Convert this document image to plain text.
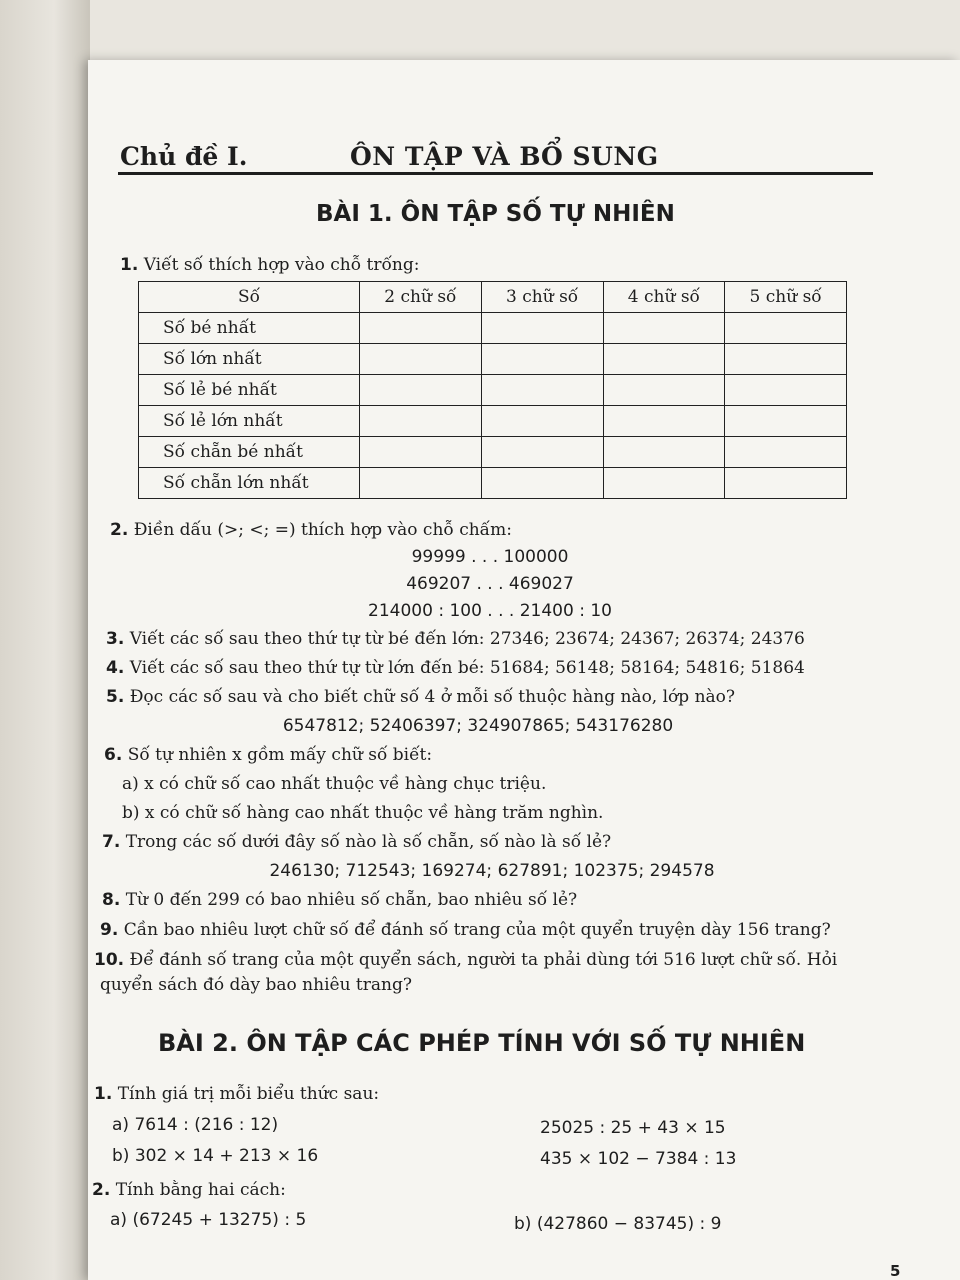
Chủ đề I.	ÔN TẬP VÀ BỔ SUNG
BÀI 1. ÔN TẬP SỐ TỰ NHIÊN
1. Viết số thích hợp vào chỗ trống:
Số	2 chữ số	3 chữ số	4 chữ số	5 chữ số
Số bé nhất				
Số lớn nhất				
Số lẻ bé nhất				
Số lẻ lớn nhất				
Số chẵn bé nhất				
Số chẵn lớn nhất				
2. Điền dấu (>; <; =) thích hợp vào chỗ chấm:
99999 . . . 100000
469207 . . . 469027
214000 : 100 . . . 21400 : 10
3. Viết các số sau theo thứ tự từ bé đến lớn: 27346; 23674; 24367; 26374; 24376
4. Viết các số sau theo thứ tự từ lớn đến bé: 51684; 56148; 58164; 54816; 51864
5. Đọc các số sau và cho biết chữ số 4 ở mỗi số thuộc hàng nào, lớp nào?
6547812; 52406397; 324907865; 543176280
6. Số tự nhiên x gồm mấy chữ số biết:
a) x có chữ số cao nhất thuộc về hàng chục triệu.
b) x có chữ số hàng cao nhất thuộc về hàng trăm nghìn.
7. Trong các số dưới đây số nào là số chẵn, số nào là số lẻ?
246130; 712543; 169274; 627891; 102375; 294578
8. Từ 0 đến 299 có bao nhiêu số chẵn, bao nhiêu số lẻ?
9. Cần bao nhiêu lượt chữ số để đánh số trang của một quyển truyện dày 156 trang?
10. Để đánh số trang của một quyển sách, người ta phải dùng tới 516 lượt chữ số. Hỏi
quyển sách đó dày bao nhiêu trang?
BÀI 2. ÔN TẬP CÁC PHÉP TÍNH VỚI SỐ TỰ NHIÊN
1. Tính giá trị mỗi biểu thức sau:
a) 7614 : (216 : 12)	25025 : 25 + 43 × 15
b) 302 × 14 + 213 × 16	435 × 102 − 7384 : 13
2. Tính bằng hai cách:
a) (67245 + 13275) : 5	b) (427860 − 83745) : 9
5
